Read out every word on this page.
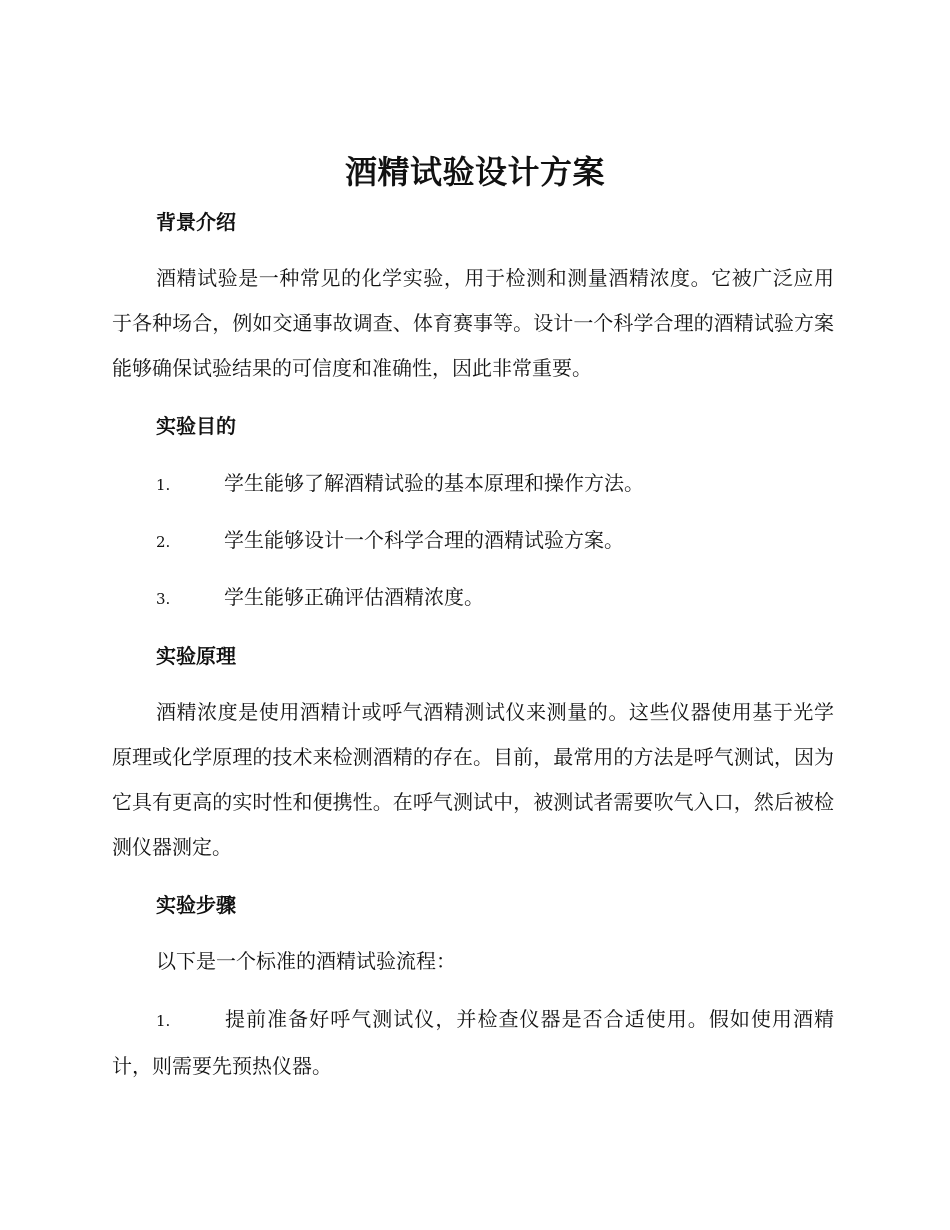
酒精试验设计方案
背景介绍

酒精试验是一种常见的化学实验，用于检测和测量酒精浓度。它被广泛应用于各种场合，例如交通事故调查、体育赛事等。设计一个科学合理的酒精试验方案能够确保试验结果的可信度和准确性，因此非常重要。

实验目的

1.	学生能够了解酒精试验的基本原理和操作方法。

2.	学生能够设计一个科学合理的酒精试验方案。

3.	学生能够正确评估酒精浓度。

实验原理

酒精浓度是使用酒精计或呼气酒精测试仪来测量的。这些仪器使用基于光学原理或化学原理的技术来检测酒精的存在。目前，最常用的方法是呼气测试，因为它具有更高的实时性和便携性。在呼气测试中，被测试者需要吹气入口，然后被检测仪器测定。

实验步骤

以下是一个标准的酒精试验流程：

1.	提前准备好呼气测试仪，并检查仪器是否合适使用。假如使用酒精计，则需要先预热仪器。
